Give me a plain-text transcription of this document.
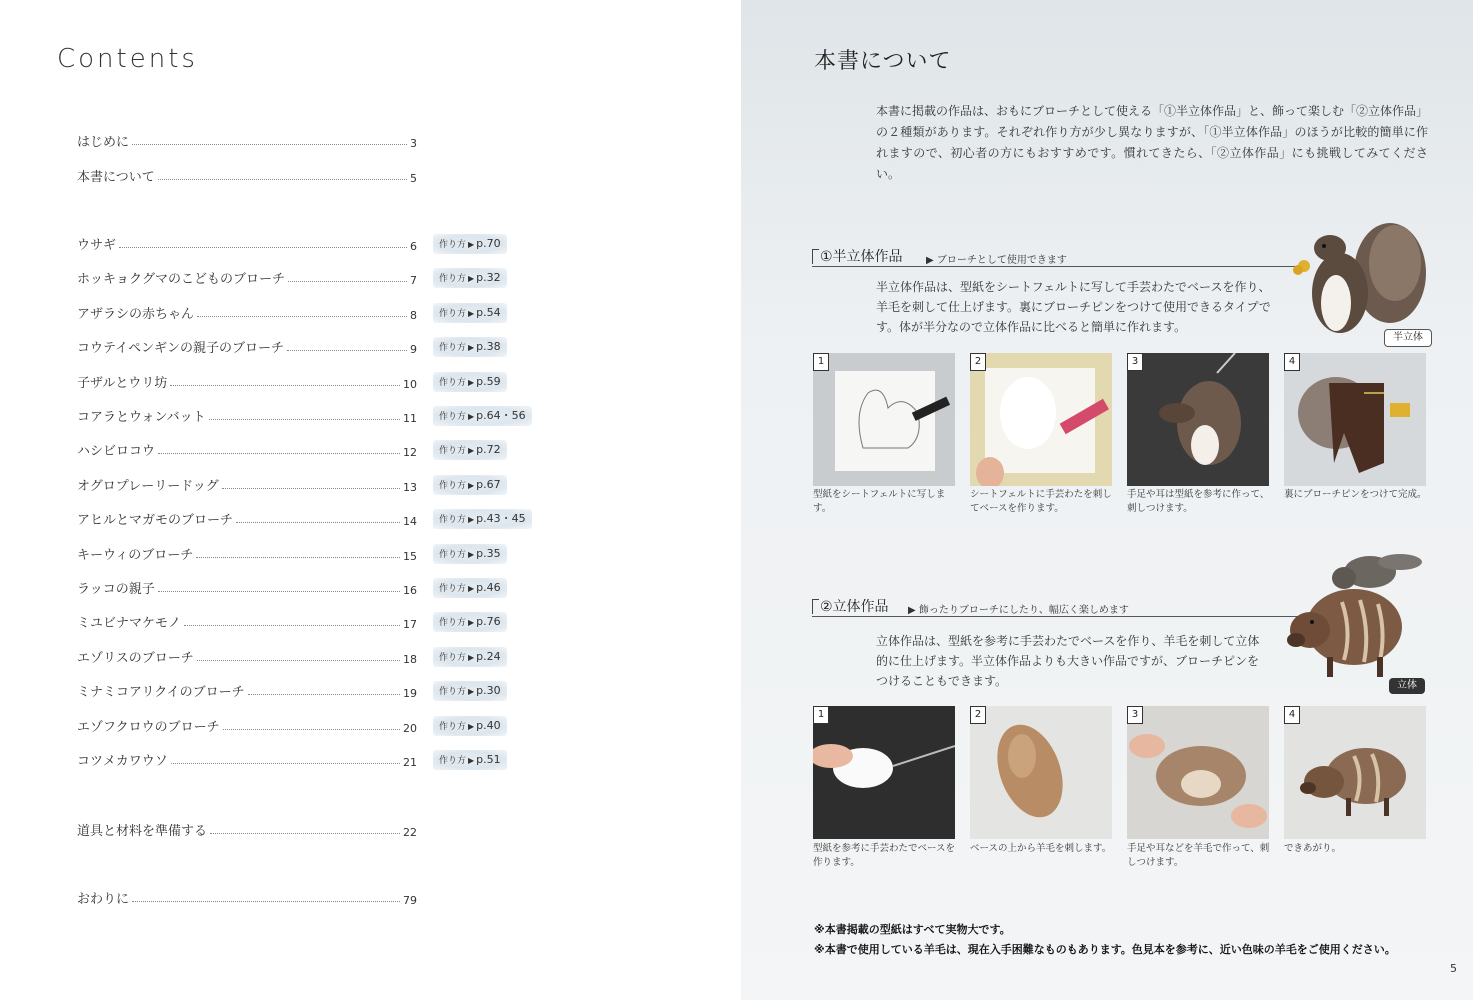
Contents
はじめに	3
本書について	5
ウサギ	6	作り方 ▶ p.70
ホッキョクグマのこどものブローチ	7	作り方 ▶ p.32
アザラシの赤ちゃん	8	作り方 ▶ p.54
コウテイペンギンの親子のブローチ	9	作り方 ▶ p.38
子ザルとウリ坊	10	作り方 ▶ p.59
コアラとウォンバット	11	作り方 ▶ p.64・56
ハシビロコウ	12	作り方 ▶ p.72
オグロプレーリードッグ	13	作り方 ▶ p.67
アヒルとマガモのブローチ	14	作り方 ▶ p.43・45
キーウィのブローチ	15	作り方 ▶ p.35
ラッコの親子	16	作り方 ▶ p.46
ミユビナマケモノ	17	作り方 ▶ p.76
エゾリスのブローチ	18	作り方 ▶ p.24
ミナミコアリクイのブローチ	19	作り方 ▶ p.30
エゾフクロウのブローチ	20	作り方 ▶ p.40
コツメカワウソ	21	作り方 ▶ p.51
道具と材料を準備する	22
おわりに	79
本書について
本書に掲載の作品は、おもにブローチとして使える「①半立体作品」と、飾って楽しむ「②立体作品」の２種類があります。それぞれ作り方が少し異なりますが、「①半立体作品」のほうが比較的簡単に作れますので、初心者の方にもおすすめです。慣れてきたら、「②立体作品」にも挑戦してみてください。
①半立体作品 ▶ ブローチとして使用できます
半立体作品は、型紙をシートフェルトに写して手芸わたでベースを作り、羊毛を刺して仕上げます。裏にブローチピンをつけて使用できるタイプです。体が半分なので立体作品に比べると簡単に作れます。
半立体
1
型紙をシートフェルトに写します。
2
シートフェルトに手芸わたを刺してベースを作ります。
3
手足や耳は型紙を参考に作って、刺しつけます。
4
裏にブローチピンをつけて完成。
②立体作品 ▶ 飾ったりブローチにしたり、幅広く楽しめます
立体作品は、型紙を参考に手芸わたでベースを作り、羊毛を刺して立体的に仕上げます。半立体作品よりも大きい作品ですが、ブローチピンをつけることもできます。	立体
1
型紙を参考に手芸わたでベースを作ります。
2
ベースの上から羊毛を刺します。
3
手足や耳などを羊毛で作って、刺しつけます。
4
できあがり。
※本書掲載の型紙はすべて実物大です。
※本書で使用している羊毛は、現在入手困難なものもあります。色見本を参考に、近い色味の羊毛をご使用ください。
5
